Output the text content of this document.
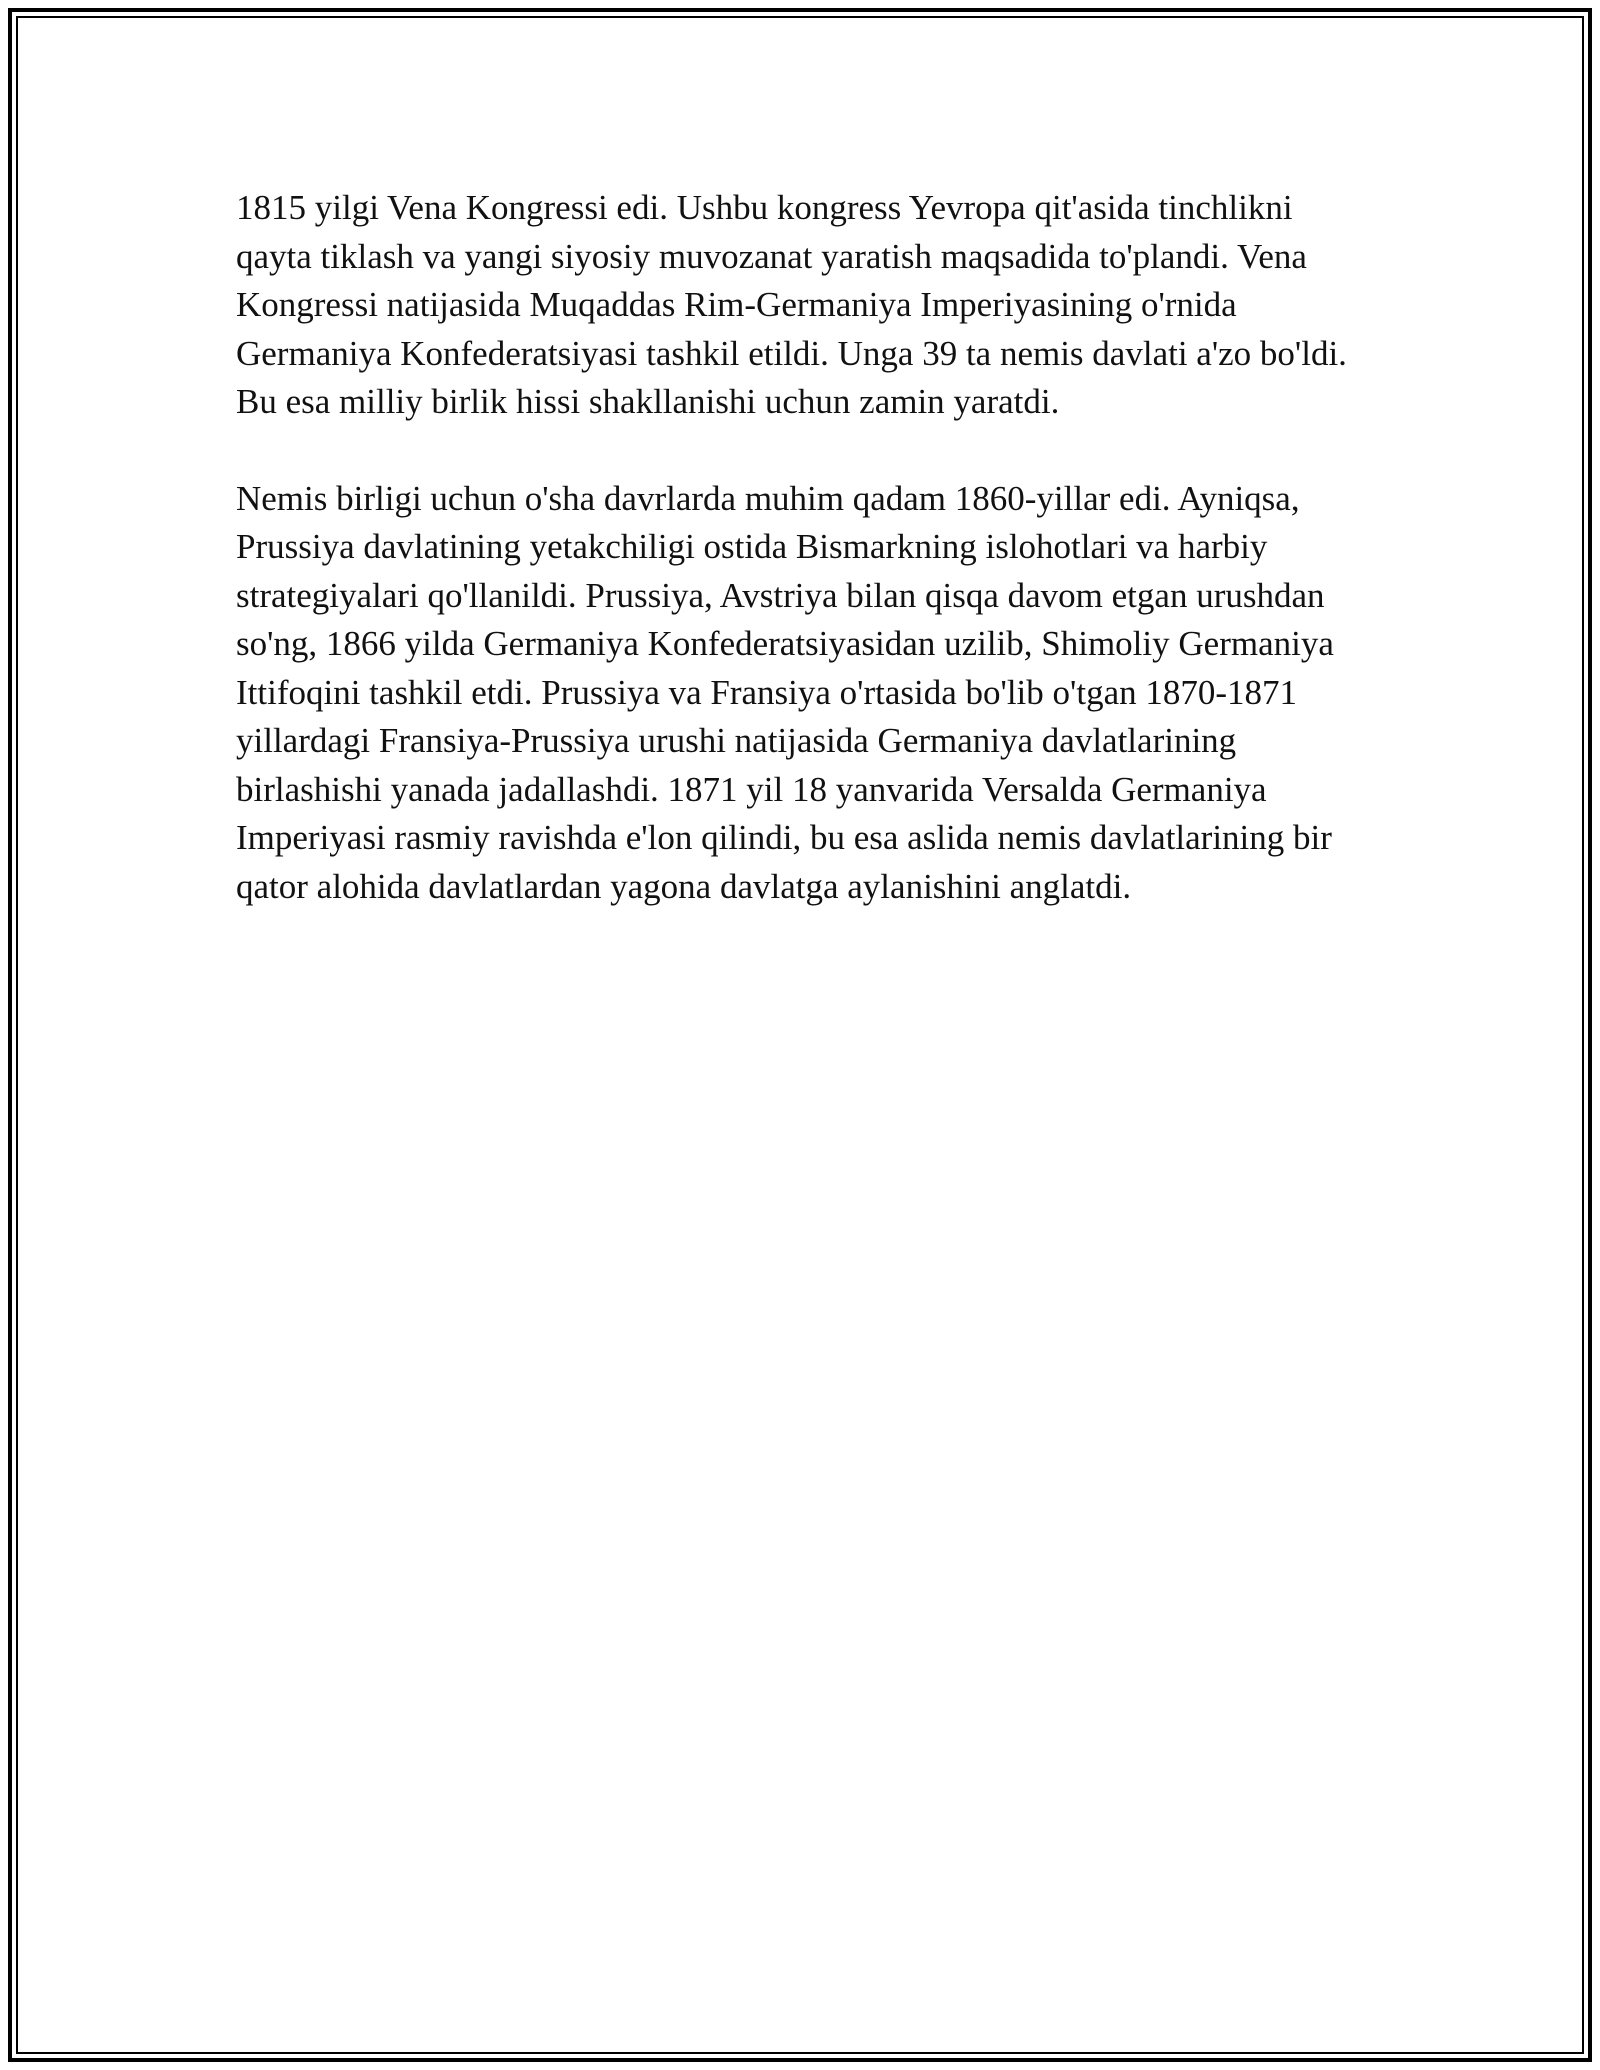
1815 yilgi Vena Kongressi edi. Ushbu kongress Yevropa qit'asida tinchlikni qayta tiklash va yangi siyosiy muvozanat yaratish maqsadida to'plandi. Vena Kongressi natijasida Muqaddas Rim-Germaniya Imperiyasining o'rnida Germaniya Konfederatsiyasi tashkil etildi. Unga 39 ta nemis davlati a'zo bo'ldi. Bu esa milliy birlik hissi shakllanishi uchun zamin yaratdi.

Nemis birligi uchun o'sha davrlarda muhim qadam 1860-yillar edi. Ayniqsa, Prussiya davlatining yetakchiligi ostida Bismarkning islohotlari va harbiy strategiyalari qo'llanildi. Prussiya, Avstriya bilan qisqa davom etgan urushdan so'ng, 1866 yilda Germaniya Konfederatsiyasidan uzilib, Shimoliy Germaniya Ittifoqini tashkil etdi. Prussiya va Fransiya o'rtasida bo'lib o'tgan 1870-1871 yillardagi Fransiya-Prussiya urushi natijasida Germaniya davlatlarining birlashishi yanada jadallashdi. 1871 yil 18 yanvarida Versalda Germaniya Imperiyasi rasmiy ravishda e'lon qilindi, bu esa aslida nemis davlatlarining bir qator alohida davlatlardan yagona davlatga aylanishini anglatdi.
